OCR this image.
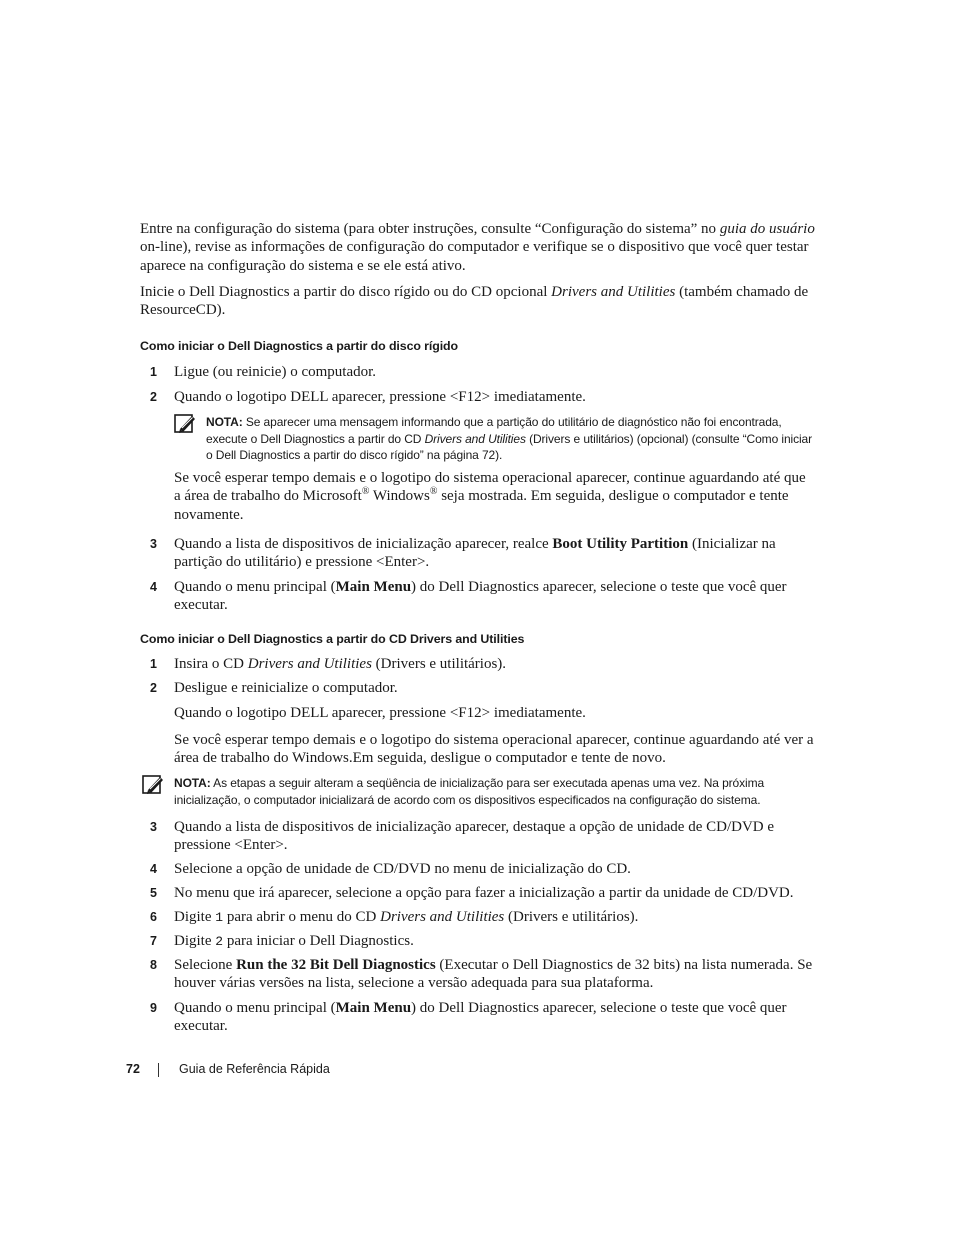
Entre na configuração do sistema (para obter instruções, consulte “Configuração do sistema” no guia do usuário on-line), revise as informações de configuração do computador e verifique se o dispositivo que você quer testar aparece na configuração do sistema e se ele está ativo.

Inicie o Dell Diagnostics a partir do disco rígido ou do CD opcional Drivers and Utilities (também chamado de ResourceCD).

Como iniciar o Dell Diagnostics a partir do disco rígido
1	Ligue (ou reinicie) o computador.
2	Quando o logotipo DELL aparecer, pressione <F12> imediatamente.
NOTA: Se aparecer uma mensagem informando que a partição do utilitário de diagnóstico não foi encontrada, execute o Dell Diagnostics a partir do CD Drivers and Utilities (Drivers e utilitários) (opcional) (consulte “Como iniciar o Dell Diagnostics a partir do disco rígido” na página 72).

Se você esperar tempo demais e o logotipo do sistema operacional aparecer, continue aguardando até que a área de trabalho do Microsoft® Windows® seja mostrada. Em seguida, desligue o computador e tente novamente.

3	Quando a lista de dispositivos de inicialização aparecer, realce Boot Utility Partition (Inicializar na partição do utilitário) e pressione <Enter>.
4	Quando o menu principal (Main Menu) do Dell Diagnostics aparecer, selecione o teste que você quer executar.
Como iniciar o Dell Diagnostics a partir do CD Drivers and Utilities
1	Insira o CD Drivers and Utilities (Drivers e utilitários).
2	Desligue e reinicialize o computador.

Quando o logotipo DELL aparecer, pressione <F12> imediatamente.

Se você esperar tempo demais e o logotipo do sistema operacional aparecer, continue aguardando até ver a área de trabalho do Windows.Em seguida, desligue o computador e tente de novo.

NOTA: As etapas a seguir alteram a seqüência de inicialização para ser executada apenas uma vez. Na próxima inicialização, o computador inicializará de acordo com os dispositivos especificados na configuração do sistema.
3	Quando a lista de dispositivos de inicialização aparecer, destaque a opção de unidade de CD/DVD e pressione <Enter>.
4	Selecione a opção de unidade de CD/DVD no menu de inicialização do CD.
5	No menu que irá aparecer, selecione a opção para fazer a inicialização a partir da unidade de CD/DVD.
6	Digite 1 para abrir o menu do CD Drivers and Utilities (Drivers e utilitários).
7	Digite 2 para iniciar o Dell Diagnostics.
8	Selecione Run the 32 Bit Dell Diagnostics (Executar o Dell Diagnostics de 32 bits) na lista numerada. Se houver várias versões na lista, selecione a versão adequada para sua plataforma.
9	Quando o menu principal (Main Menu) do Dell Diagnostics aparecer, selecione o teste que você quer executar.
72	Guia de Referência Rápida
